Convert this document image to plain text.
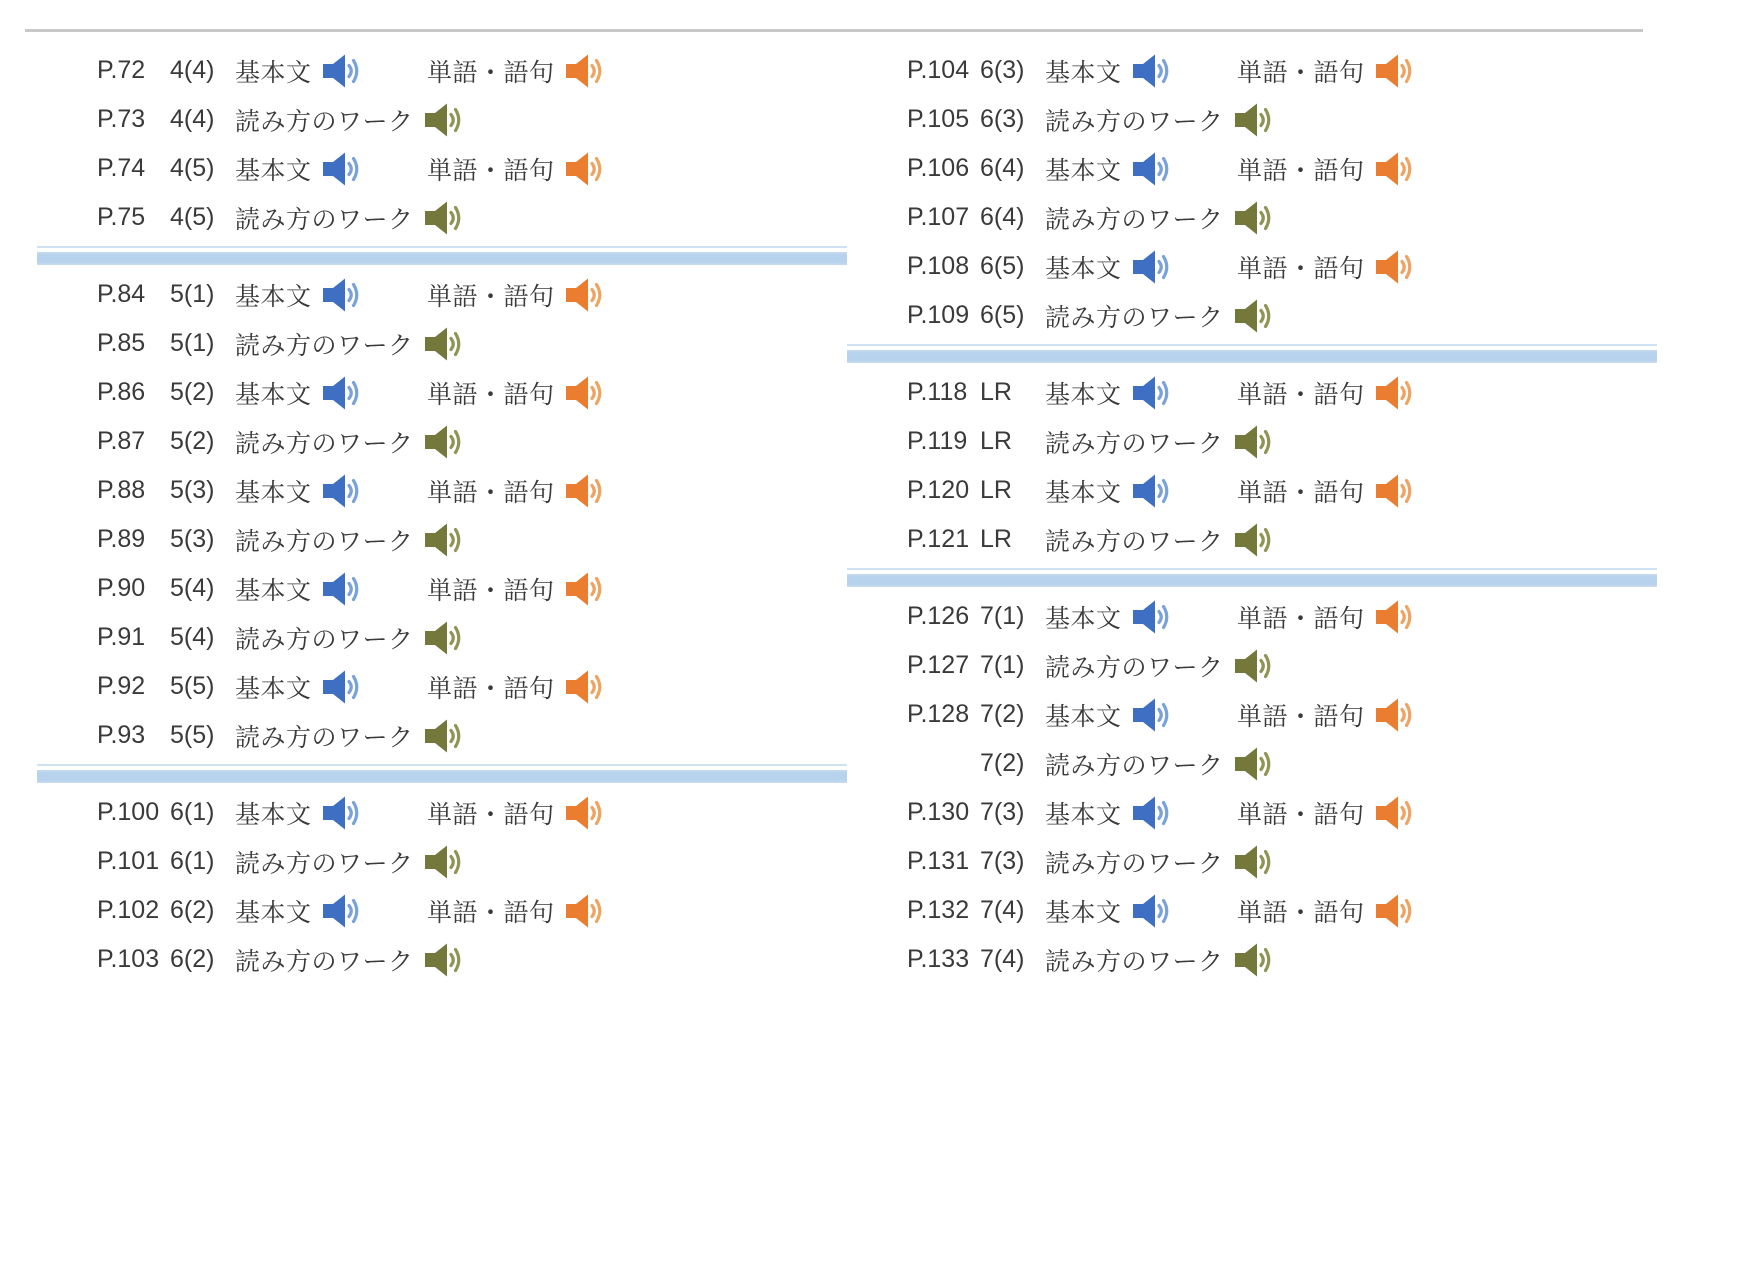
P.72 4(4) 基本文	単語・語句
P.73 4(4) 読み方のワーク
P.74 4(5) 基本文	単語・語句
P.75 4(5) 読み方のワーク
P.84 5(1) 基本文	単語・語句
P.85 5(1) 読み方のワーク
P.86 5(2) 基本文	単語・語句
P.87 5(2) 読み方のワーク
P.88 5(3) 基本文	単語・語句
P.89 5(3) 読み方のワーク
P.90 5(4) 基本文	単語・語句
P.91 5(4) 読み方のワーク
P.92 5(5) 基本文	単語・語句
P.93 5(5) 読み方のワーク
P.100 6(1) 基本文	単語・語句
P.101 6(1) 読み方のワーク
P.102 6(2) 基本文	単語・語句
P.103 6(2) 読み方のワーク
P.104 6(3) 基本文	単語・語句
P.105 6(3) 読み方のワーク
P.106 6(4) 基本文	単語・語句
P.107 6(4) 読み方のワーク
P.108 6(5) 基本文	単語・語句
P.109 6(5) 読み方のワーク
P.118 LR	基本文	単語・語句
P.119 LR	読み方のワーク
P.120 LR	基本文	単語・語句
P.121 LR	読み方のワーク
P.126 7(1) 基本文	単語・語句
P.127 7(1) 読み方のワーク
P.128 7(2) 基本文	単語・語句
7(2) 読み方のワーク
P.130 7(3) 基本文	単語・語句
P.131 7(3) 読み方のワーク
P.132 7(4) 基本文	単語・語句
P.133 7(4) 読み方のワーク
